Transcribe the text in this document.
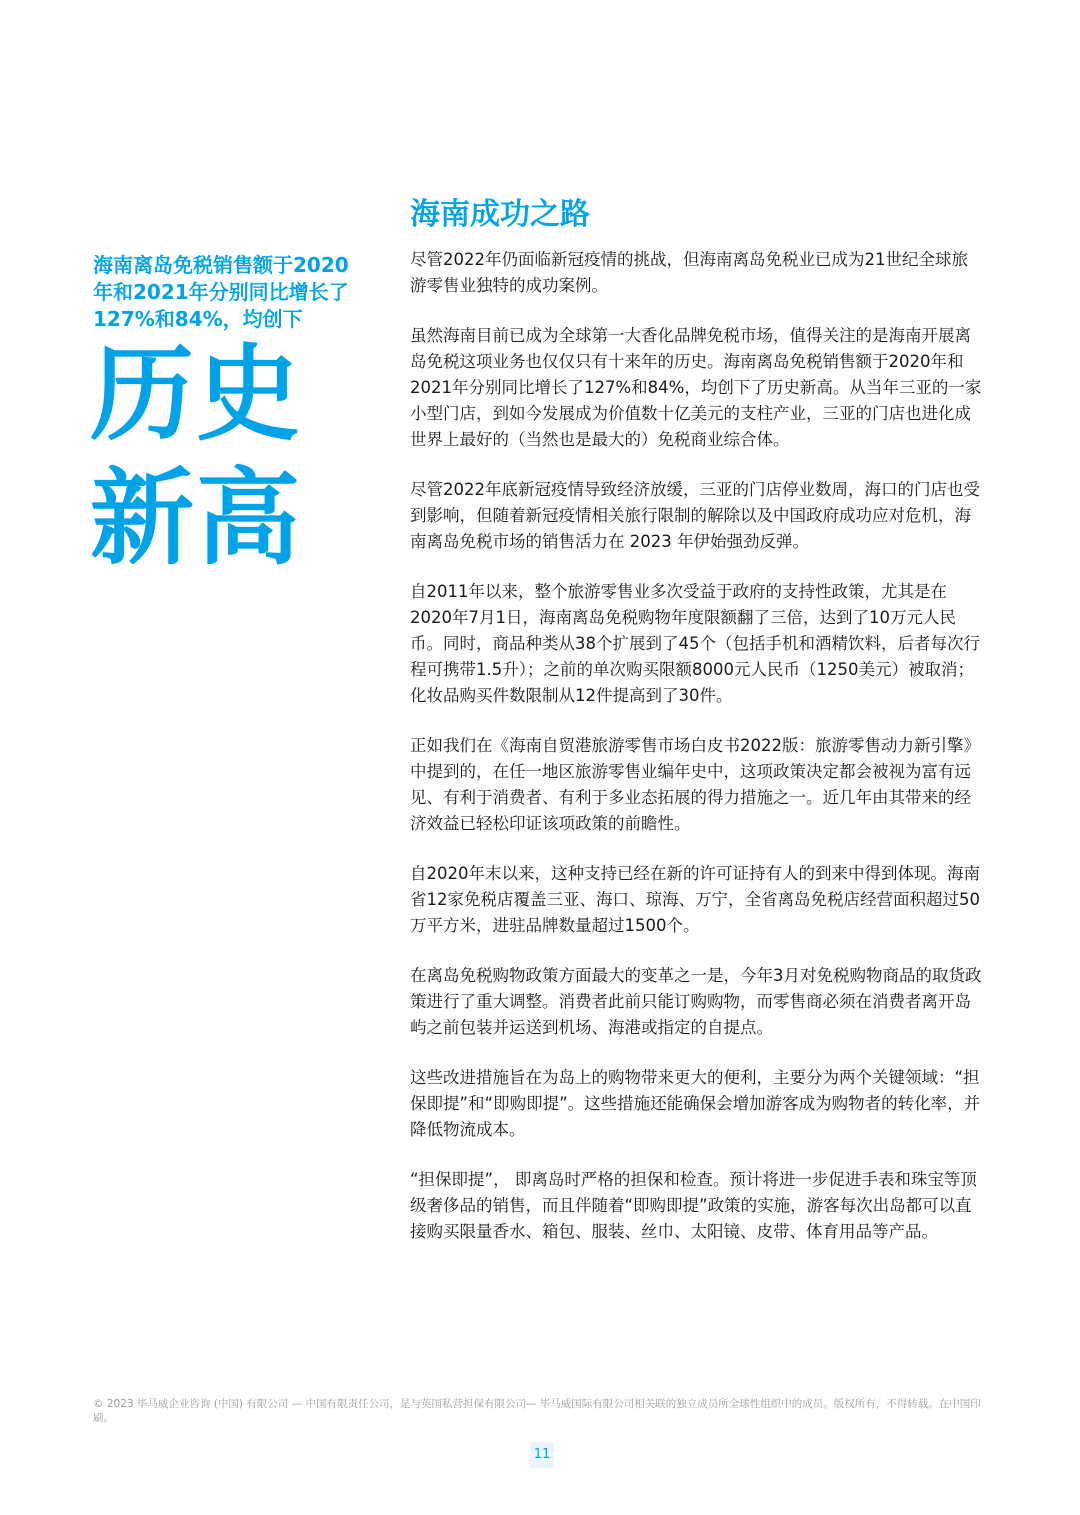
海南离岛免税销售额于2020年和2021年分别同比增长了127%和84%，均创下

历史
新高
海南成功之路

尽管2022年仍面临新冠疫情的挑战，但海南离岛免税业已成为21世纪全球旅游零售业独特的成功案例。

虽然海南目前已成为全球第一大香化品牌免税市场，值得关注的是海南开展离岛免税这项业务也仅仅只有十来年的历史。海南离岛免税销售额于2020年和2021年分别同比增长了127%和84%，均创下了历史新高。从当年三亚的一家小型门店，到如今发展成为价值数十亿美元的支柱产业，三亚的门店也进化成世界上最好的（当然也是最大的）免税商业综合体。

尽管2022年底新冠疫情导致经济放缓，三亚的门店停业数周，海口的门店也受到影响，但随着新冠疫情相关旅行限制的解除以及中国政府成功应对危机，海南离岛免税市场的销售活力在 2023 年伊始强劲反弹。

自2011年以来，整个旅游零售业多次受益于政府的支持性政策，尤其是在2020年7月1日，海南离岛免税购物年度限额翻了三倍，达到了10万元人民币。同时，商品种类从38个扩展到了45个（包括手机和酒精饮料，后者每次行程可携带1.5升）；之前的单次购买限额8000元人民币（1250美元）被取消；化妆品购买件数限制从12件提高到了30件。

正如我们在《海南自贸港旅游零售市场白皮书2022版：旅游零售动力新引擎》中提到的，在任一地区旅游零售业编年史中，这项政策决定都会被视为富有远见、有利于消费者、有利于多业态拓展的得力措施之一。近几年由其带来的经济效益已轻松印证该项政策的前瞻性。

自2020年末以来，这种支持已经在新的许可证持有人的到来中得到体现。海南省12家免税店覆盖三亚、海口、琼海、万宁，全省离岛免税店经营面积超过50万平方米，进驻品牌数量超过1500个。

在离岛免税购物政策方面最大的变革之一是，今年3月对免税购物商品的取货政策进行了重大调整。消费者此前只能订购购物，而零售商必须在消费者离开岛屿之前包装并运送到机场、海港或指定的自提点。

这些改进措施旨在为岛上的购物带来更大的便利，主要分为两个关键领域：“担保即提”和“即购即提”。这些措施还能确保会增加游客成为购物者的转化率，并降低物流成本。

“担保即提”， 即离岛时严格的担保和检查。预计将进一步促进手表和珠宝等顶级奢侈品的销售，而且伴随着“即购即提”政策的实施，游客每次出岛都可以直接购买限量香水、箱包、服装、丝巾、太阳镜、皮带、体育用品等产品。

© 2023 毕马威企业咨询 (中国) 有限公司 — 中国有限责任公司，是与英国私营担保有限公司— 毕马威国际有限公司相关联的独立成员所全球性组织中的成员。版权所有，不得转载。在中国印刷。

11
